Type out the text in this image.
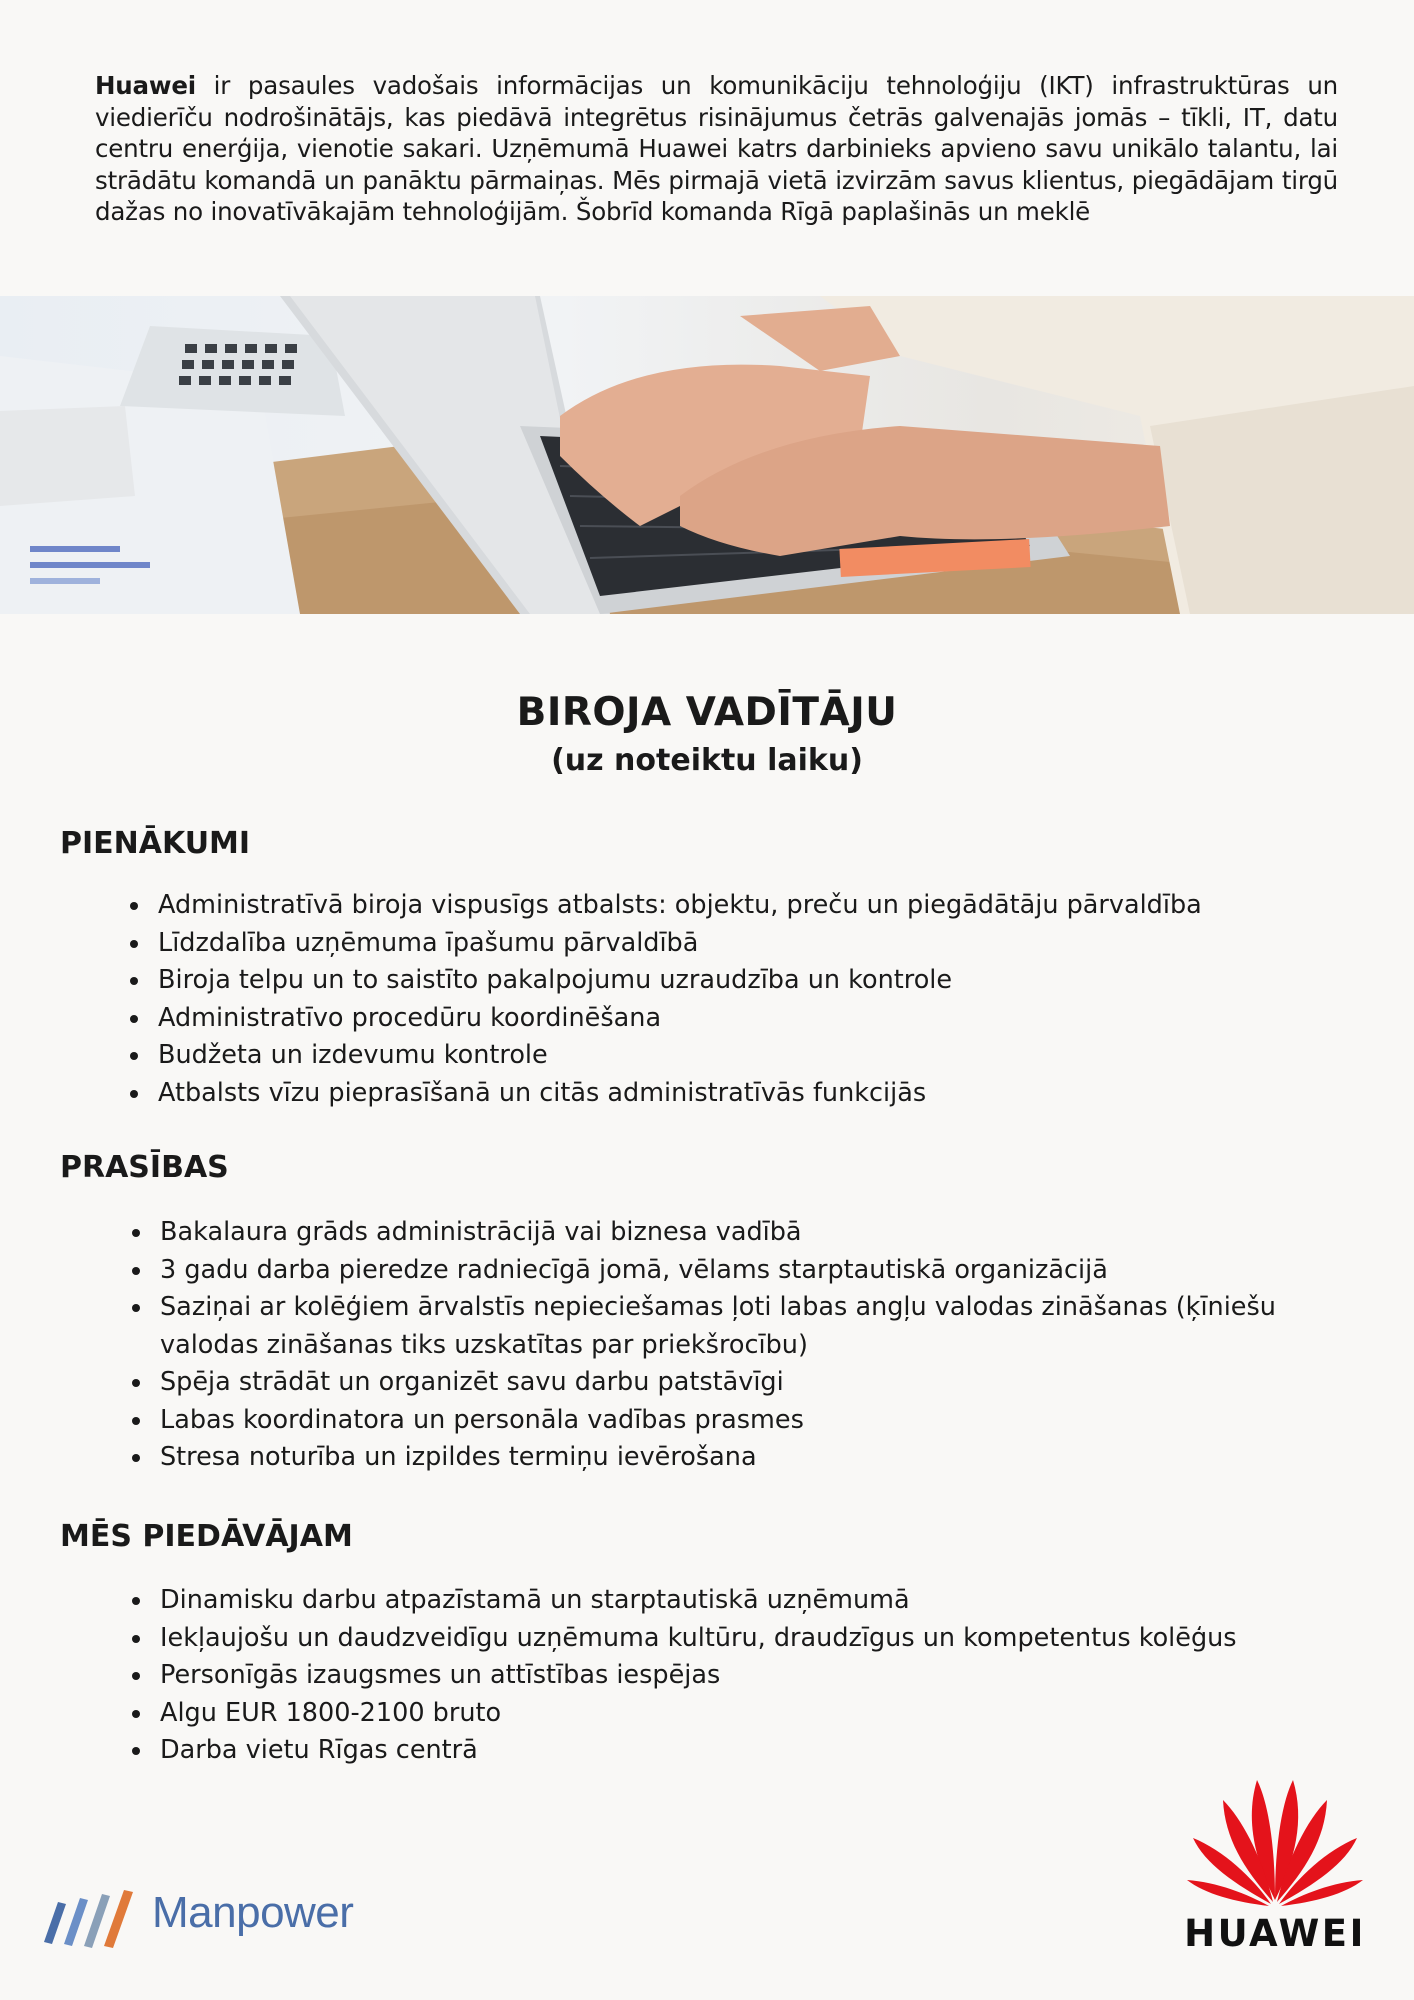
Huawei ir pasaules vadošais informācijas un komunikāciju tehnoloģiju (IKT) infrastruktūras un viedierīču nodrošinātājs, kas piedāvā integrētus risinājumus četrās galvenajās jomās – tīkli, IT, datu centru enerģija, vienotie sakari. Uzņēmumā Huawei katrs darbinieks apvieno savu unikālo talantu, lai strādātu komandā un panāktu pārmaiņas. Mēs pirmajā vietā izvirzām savus klientus, piegādājam tirgū dažas no inovatīvākajām tehnoloģijām. Šobrīd komanda Rīgā paplašinās un meklē

BIROJA VADĪTĀJU
(uz noteiktu laiku)
PIENĀKUMI
Administratīvā biroja vispusīgs atbalsts: objektu, preču un piegādātāju pārvaldība
Līdzdalība uzņēmuma īpašumu pārvaldībā
Biroja telpu un to saistīto pakalpojumu uzraudzība un kontrole
Administratīvo procedūru koordinēšana
Budžeta un izdevumu kontrole
Atbalsts vīzu pieprasīšanā un citās administratīvās funkcijās
PRASĪBAS
Bakalaura grāds administrācijā vai biznesa vadībā
3 gadu darba pieredze radniecīgā jomā, vēlams starptautiskā organizācijā
Saziņai ar kolēģiem ārvalstīs nepieciešamas ļoti labas angļu valodas zināšanas (ķīniešu valodas zināšanas tiks uzskatītas par priekšrocību)
Spēja strādāt un organizēt savu darbu patstāvīgi
Labas koordinatora un personāla vadības prasmes
Stresa noturība un izpildes termiņu ievērošana
MĒS PIEDĀVĀJAM
Dinamisku darbu atpazīstamā un starptautiskā uzņēmumā
Iekļaujošu un daudzveidīgu uzņēmuma kultūru, draudzīgus un kompetentus kolēģus
Personīgās izaugsmes un attīstības iespējas
Algu EUR 1800-2100 bruto
Darba vietu Rīgas centrā
Manpower	HUAWEI
